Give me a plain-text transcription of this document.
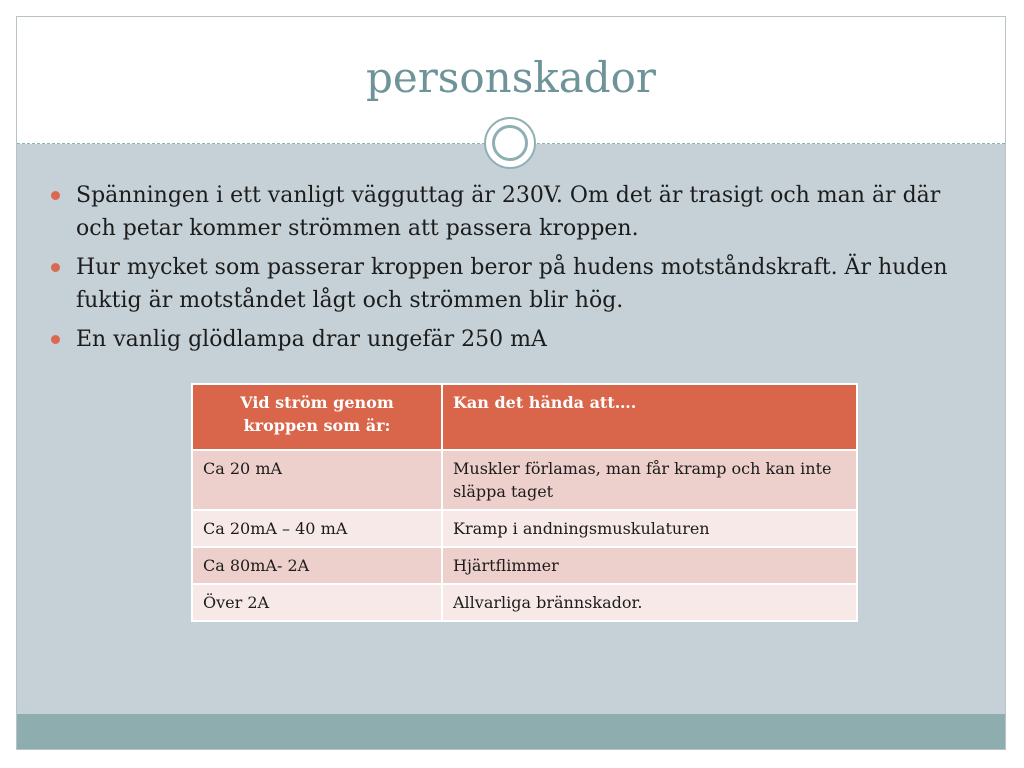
personskador
Spänningen i ett vanligt vägguttag är 230V. Om det är trasigt och man är där och petar kommer strömmen att passera kroppen.
Hur mycket som passerar kroppen beror på hudens motståndskraft. Är huden fuktig är motståndet lågt och strömmen blir hög.
En vanlig glödlampa drar ungefär 250 mA
Vid ström genom kroppen som är:	Kan det hända att….
Ca 20 mA	Muskler förlamas, man får kramp och kan inte släppa taget
Ca 20mA – 40 mA	Kramp i andningsmuskulaturen
Ca 80mA- 2A	Hjärtflimmer
Över 2A	Allvarliga brännskador.
